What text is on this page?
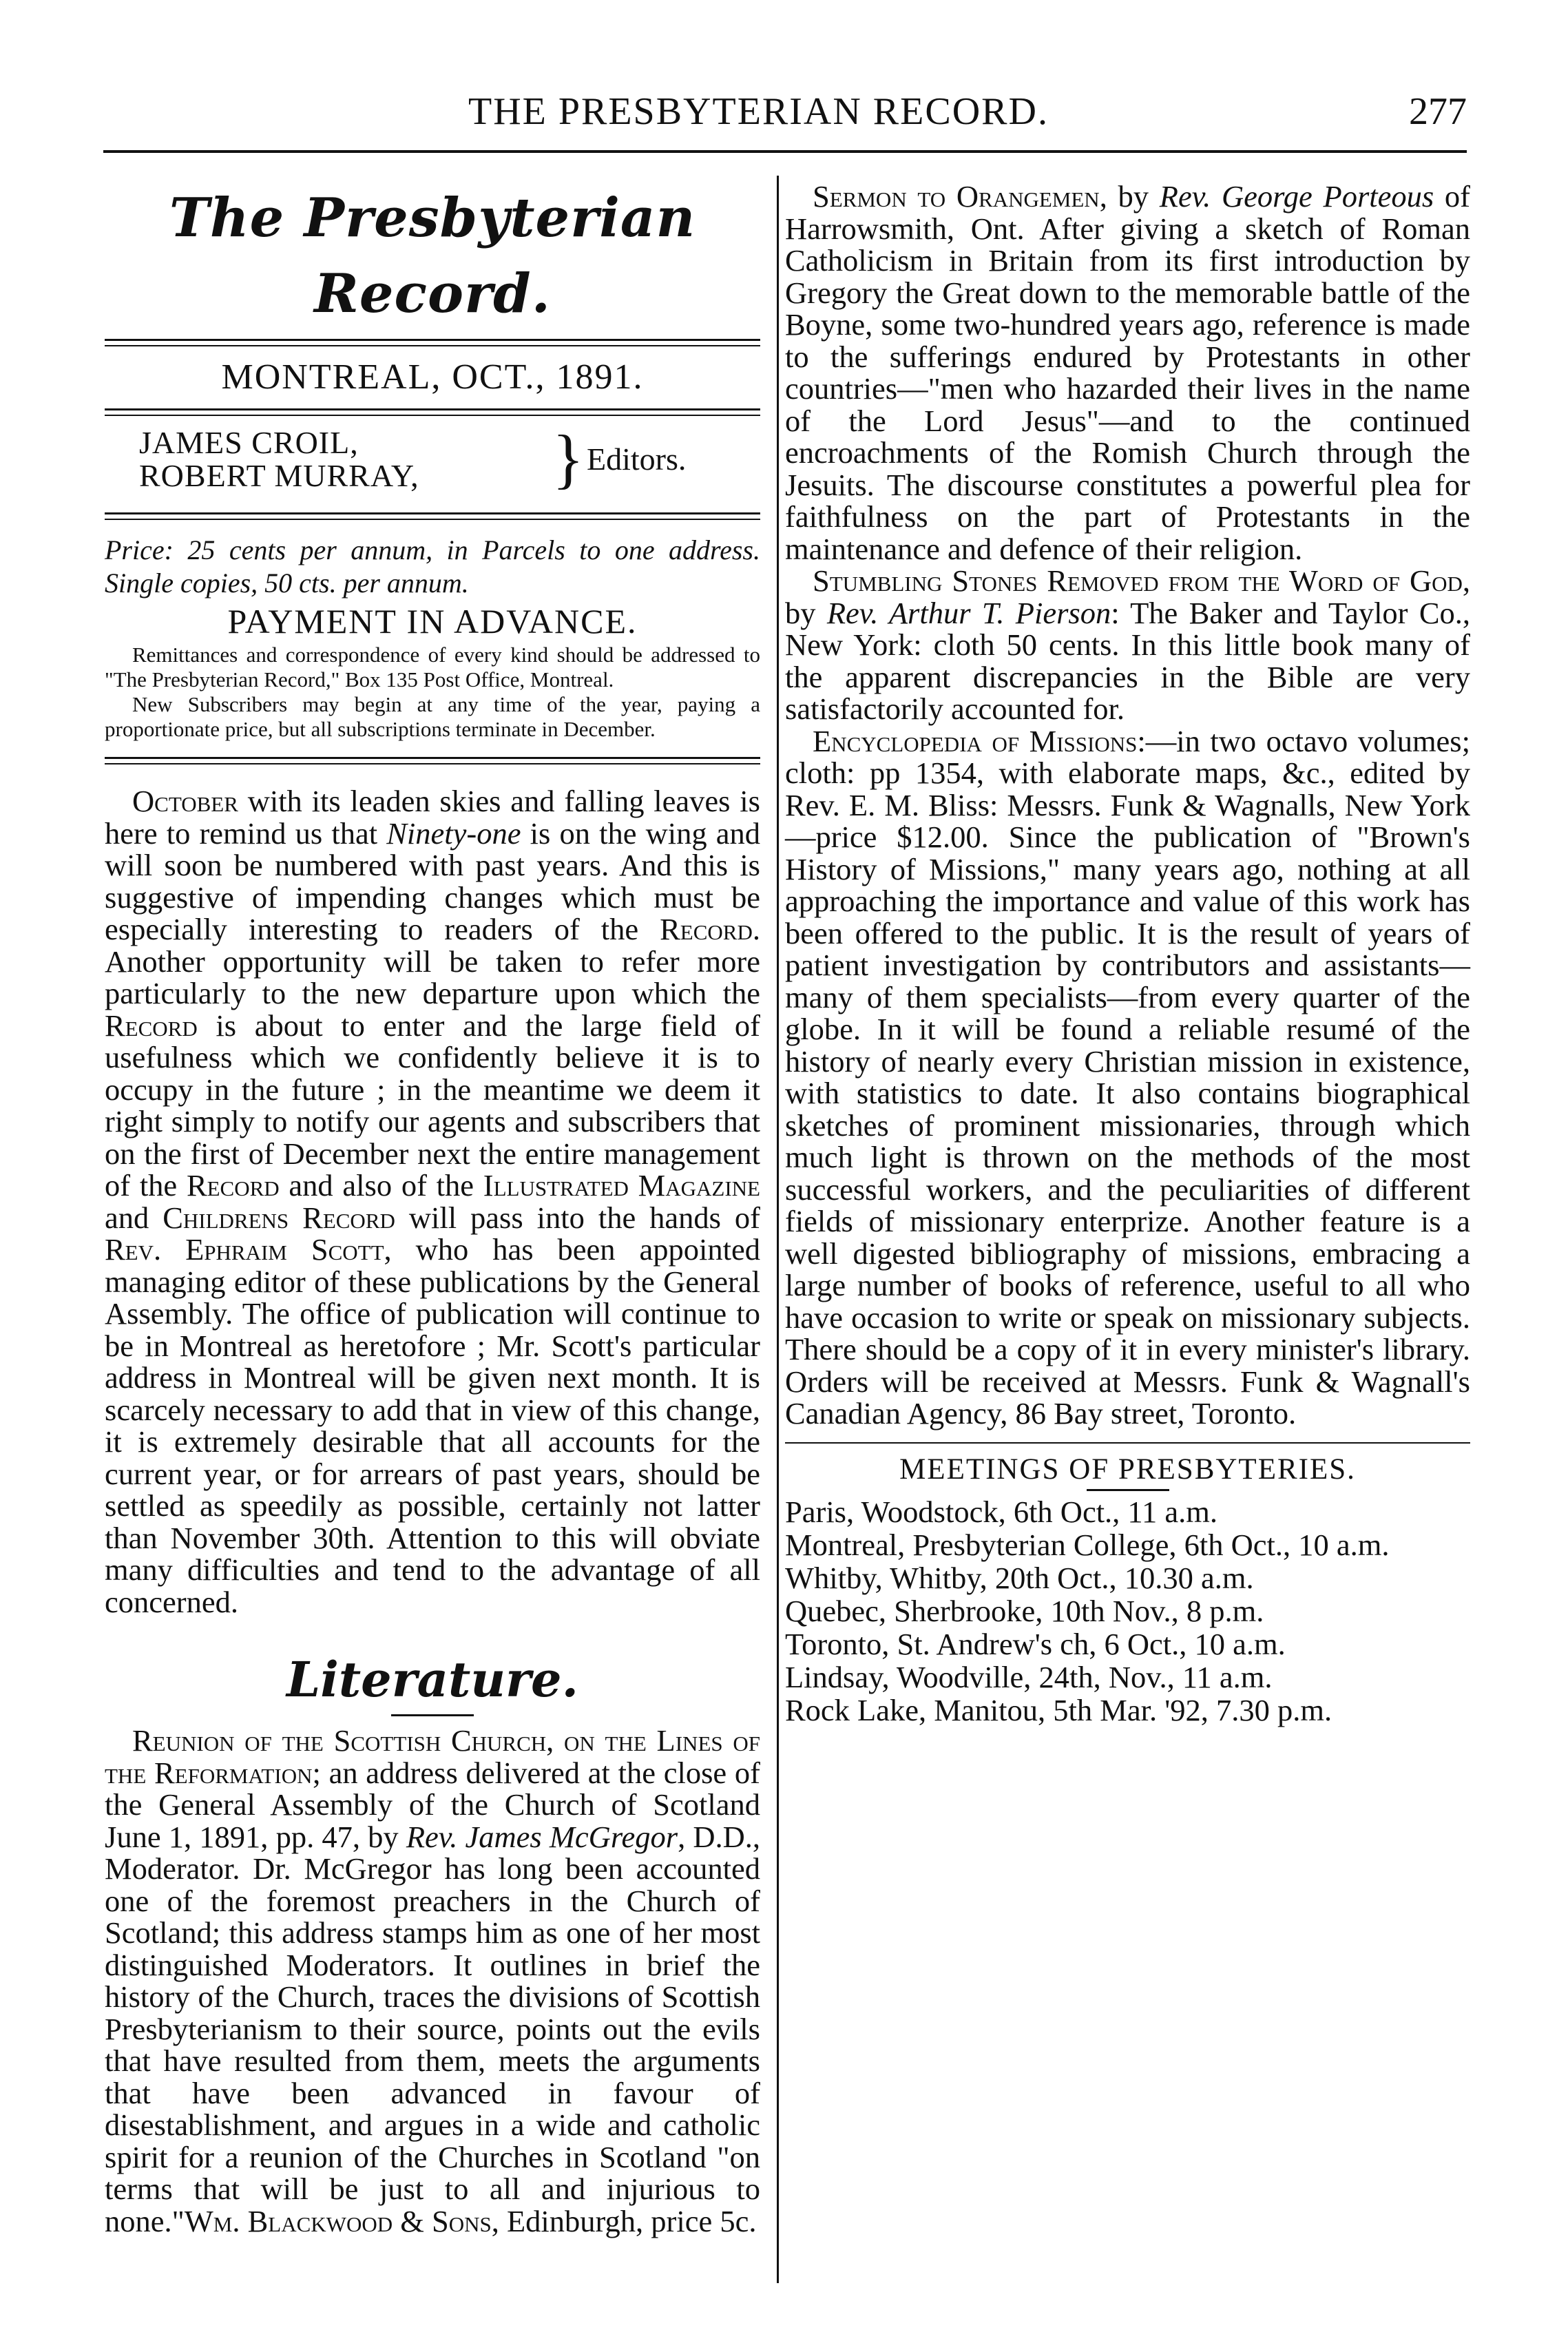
THE PRESBYTERIAN RECORD.	277
The Presbyterian Record.
MONTREAL, OCT., 1891.
JAMES CROIL,
ROBERT MURRAY, } Editors.

Price: 25 cents per annum, in Parcels to one address. Single copies, 50 cts. per annum.

PAYMENT IN ADVANCE.

Remittances and correspondence of every kind should be addressed to "The Presbyterian Record," Box 135 Post Office, Montreal.

New Subscribers may begin at any time of the year, paying a proportionate price, but all subscriptions terminate in December.

October with its leaden skies and falling leaves is here to remind us that Ninety-one is on the wing and will soon be numbered with past years. And this is suggestive of impending changes which must be especially interesting to readers of the Record. Another opportunity will be taken to refer more particularly to the new departure upon which the Record is about to enter and the large field of usefulness which we confidently believe it is to occupy in the future ; in the meantime we deem it right simply to notify our agents and subscribers that on the first of December next the entire management of the Record and also of the Illustrated Magazine and Childrens Record will pass into the hands of Rev. Ephraim Scott, who has been appointed managing editor of these publications by the General Assembly. The office of publication will continue to be in Montreal as heretofore ; Mr. Scott's particular address in Montreal will be given next month. It is scarcely necessary to add that in view of this change, it is extremely desirable that all accounts for the current year, or for arrears of past years, should be settled as speedily as possible, certainly not latter than November 30th. Attention to this will obviate many difficulties and tend to the advantage of all concerned.

Literature.

Reunion of the Scottish Church, on the Lines of the Reformation; an address delivered at the close of the General Assembly of the Church of Scotland June 1, 1891, pp. 47, by Rev. James McGregor, D.D., Moderator. Dr. McGregor has long been accounted one of the foremost preachers in the Church of Scotland; this address stamps him as one of her most distinguished Moderators. It outlines in brief the history of the Church, traces the divisions of Scottish Presbyterianism to their source, points out the evils that have resulted from them, meets the arguments that have been advanced in favour of disestablishment, and argues in a wide and catholic spirit for a reunion of the Churches in Scotland "on terms that will be just to all and injurious to none."Wm. Blackwood & Sons, Edinburgh, price 5c.

Sermon to Orangemen, by Rev. George Porteous of Harrowsmith, Ont. After giving a sketch of Roman Catholicism in Britain from its first introduction by Gregory the Great down to the memorable battle of the Boyne, some two-hundred years ago, reference is made to the sufferings endured by Protestants in other countries—"men who hazarded their lives in the name of the Lord Jesus"—and to the continued encroachments of the Romish Church through the Jesuits. The discourse constitutes a powerful plea for faithfulness on the part of Protestants in the maintenance and defence of their religion.

Stumbling Stones Removed from the Word of God, by Rev. Arthur T. Pierson: The Baker and Taylor Co., New York: cloth 50 cents. In this little book many of the apparent discrepancies in the Bible are very satisfactorily accounted for.

Encyclopedia of Missions:—in two octavo volumes; cloth: pp 1354, with elaborate maps, &c., edited by Rev. E. M. Bliss: Messrs. Funk & Wagnalls, New York—price $12.00. Since the publication of "Brown's History of Missions," many years ago, nothing at all approaching the importance and value of this work has been offered to the public. It is the result of years of patient investigation by contributors and assistants—many of them specialists—from every quarter of the globe. In it will be found a reliable resumé of the history of nearly every Christian mission in existence, with statistics to date. It also contains biographical sketches of prominent missionaries, through which much light is thrown on the methods of the most successful workers, and the peculiarities of different fields of missionary enterprize. Another feature is a well digested bibliography of missions, embracing a large number of books of reference, useful to all who have occasion to write or speak on missionary subjects. There should be a copy of it in every minister's library. Orders will be received at Messrs. Funk & Wagnall's Canadian Agency, 86 Bay street, Toronto.

MEETINGS OF PRESBYTERIES.
Paris, Woodstock, 6th Oct., 11 a.m.
Montreal, Presbyterian College, 6th Oct., 10 a.m.
Whitby, Whitby, 20th Oct., 10.30 a.m.
Quebec, Sherbrooke, 10th Nov., 8 p.m.
Toronto, St. Andrew's ch, 6 Oct., 10 a.m.
Lindsay, Woodville, 24th, Nov., 11 a.m.
Rock Lake, Manitou, 5th Mar. '92, 7.30 p.m.
